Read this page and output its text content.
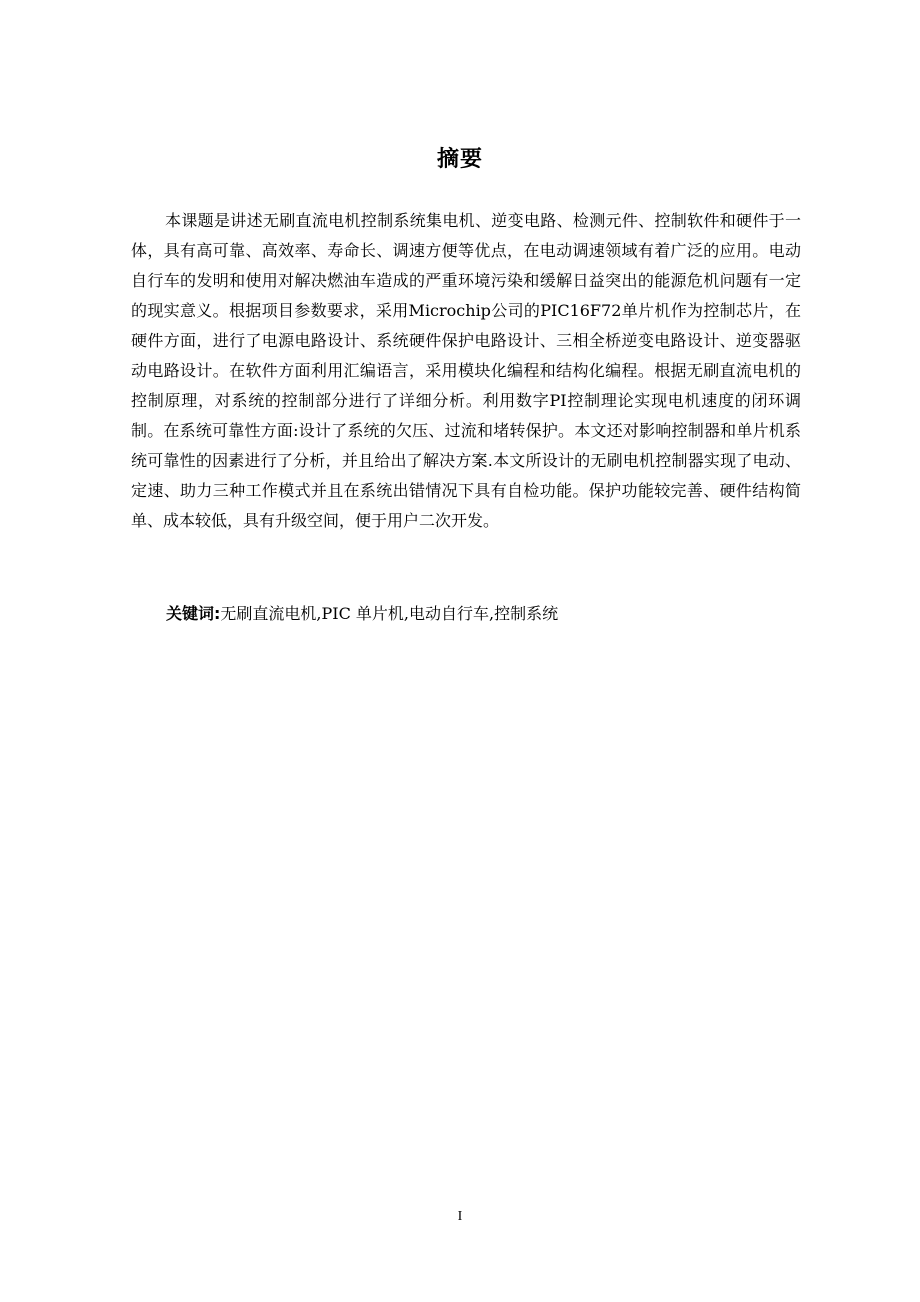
摘要

本课题是讲述无刷直流电机控制系统集电机、逆变电路、检测元件、控制软件和硬件于一体，具有高可靠、高效率、寿命长、调速方便等优点，在电动调速领域有着广泛的应用。电动自行车的发明和使用对解决燃油车造成的严重环境污染和缓解日益突出的能源危机问题有一定的现实意义。根据项目参数要求，采用Microchip公司的PIC16F72单片机作为控制芯片，在硬件方面，进行了电源电路设计、系统硬件保护电路设计、三相全桥逆变电路设计、逆变器驱动电路设计。在软件方面利用汇编语言，采用模块化编程和结构化编程。根据无刷直流电机的控制原理，对系统的控制部分进行了详细分析。利用数字PI控制理论实现电机速度的闭环调制。在系统可靠性方面:设计了系统的欠压、过流和堵转保护。本文还对影响控制器和单片机系统可靠性的因素进行了分析，并且给出了解决方案.本文所设计的无刷电机控制器实现了电动、定速、助力三种工作模式并且在系统出错情况下具有自检功能。保护功能较完善、硬件结构简单、成本较低，具有升级空间，便于用户二次开发。

关键词:无刷直流电机,PIC 单片机,电动自行车,控制系统

I
